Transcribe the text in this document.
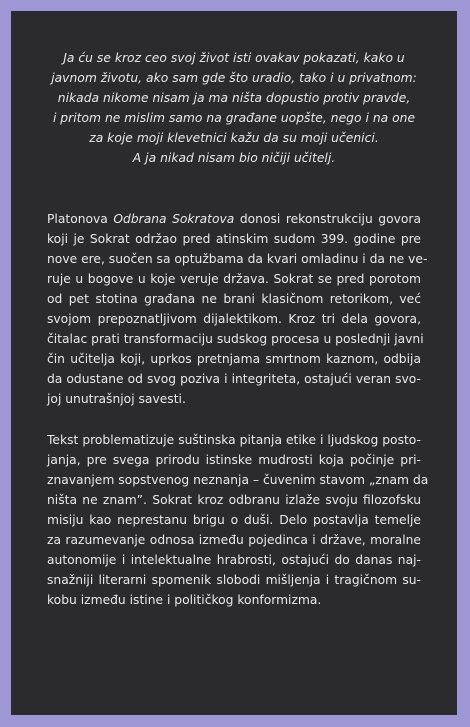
Ja ću se kroz ceo svoj život isti ovakav pokazati, kako u
javnom životu, ako sam gde što uradio, tako i u privatnom:
nikada nikome nisam ja ma ništa dopustio protiv pravde,
i pritom ne mislim samo na građane uopšte, nego i na one
za koje moji klevetnici kažu da su moji učenici.
A ja nikad nisam bio ničiji učitelj.

Platonova Odbrana Sokratova donosi rekonstrukciju govora
koji je Sokrat održao pred atinskim sudom 399. godine pre
nove ere, suočen sa optužbama da kvari omladinu i da ne ve-
ruje u bogove u koje veruje država. Sokrat se pred porotom
od pet stotina građana ne brani klasičnom retorikom, već
svojom prepoznatljivom dijalektikom. Kroz tri dela govora,
čitalac prati transformaciju sudskog procesa u poslednji javni
čin učitelja koji, uprkos pretnjama smrtnom kaznom, odbija
da odustane od svog poziva i integriteta, ostajući veran svo-
joj unutrašnjoj savesti.

Tekst problematizuje suštinska pitanja etike i ljudskog posto-
janja, pre svega prirodu istinske mudrosti koja počinje pri-
znavanjem sopstvenog neznanja – čuvenim stavom „znam da
ništa ne znam”. Sokrat kroz odbranu izlaže svoju filozofsku
misiju kao neprestanu brigu o duši. Delo postavlja temelje
za razumevanje odnosa između pojedinca i države, moralne
autonomije i intelektualne hrabrosti, ostajući do danas naj-
snažniji literarni spomenik slobodi mišljenja i tragičnom su-
kobu između istine i političkog konformizma.
